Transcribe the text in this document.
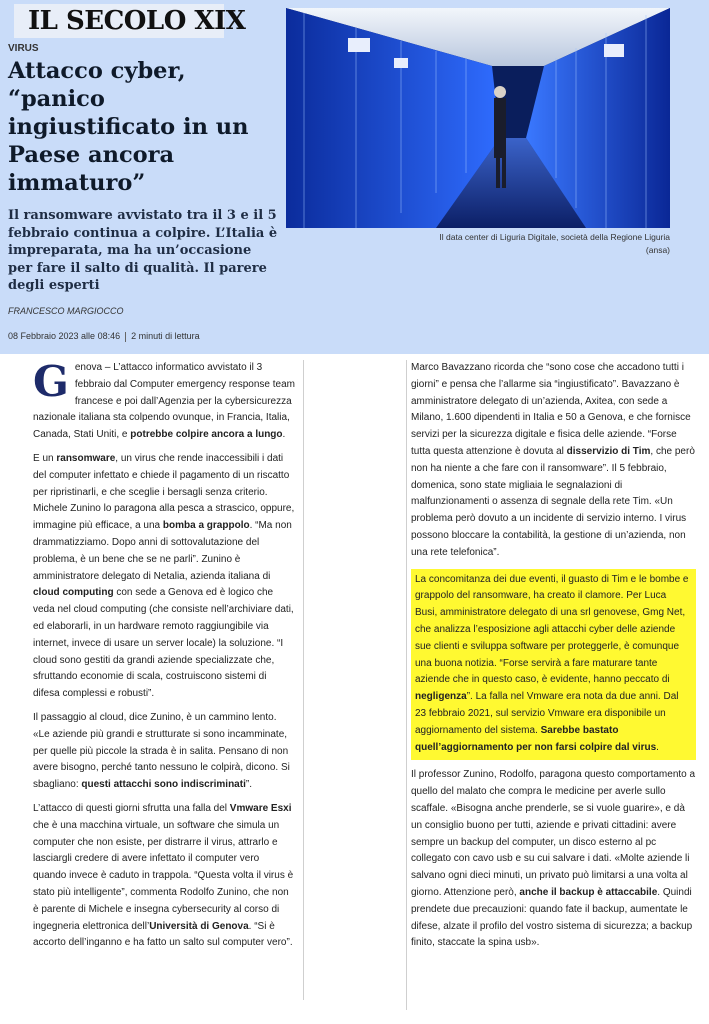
IL SECOLO XIX
VIRUS
Attacco cyber, “panico ingiustificato in un Paese ancora immaturo”

Il ransomware avvistato tra il 3 e il 5 febbraio continua a colpire. L’Italia è impreparata, ma ha un’occasione per fare il salto di qualità. Il parere degli esperti

FRANCESCO MARGIOCCO
08 Febbraio 2023 alle 08:46 2 minuti di lettura
Il data center di Liguria Digitale, società della Regione Liguria
(ansa)

Genova – L’attacco informatico avvistato il 3 febbraio dal Computer emergency response team francese e poi dall’Agenzia per la cybersicurezza nazionale italiana sta colpendo ovunque, in Francia, Italia, Canada, Stati Uniti, e potrebbe colpire ancora a lungo.

E un ransomware, un virus che rende inaccessibili i dati del computer infettato e chiede il pagamento di un riscatto per ripristinarli, e che sceglie i bersagli senza criterio. Michele Zunino lo paragona alla pesca a strascico, oppure, immagine più efficace, a una bomba a grappolo. “Ma non drammatizziamo. Dopo anni di sottovalutazione del problema, è un bene che se ne parli”. Zunino è amministratore delegato di Netalia, azienda italiana di cloud computing con sede a Genova ed è logico che veda nel cloud computing (che consiste nell’archiviare dati, ed elaborarli, in un hardware remoto raggiungibile via internet, invece di usare un server locale) la soluzione. “I cloud sono gestiti da grandi aziende specializzate che, sfruttando economie di scala, costruiscono sistemi di difesa complessi e robusti”.

Il passaggio al cloud, dice Zunino, è un cammino lento. «Le aziende più grandi e strutturate si sono incamminate, per quelle più piccole la strada è in salita. Pensano di non avere bisogno, perché tanto nessuno le colpirà, dicono. Si sbagliano: questi attacchi sono indiscriminati”.

L’attacco di questi giorni sfrutta una falla del Vmware Esxi che è una macchina virtuale, un software che simula un computer che non esiste, per distrarre il virus, attrarlo e lasciargli credere di avere infettato il computer vero quando invece è caduto in trappola. “Questa volta il virus è stato più intelligente”, commenta Rodolfo Zunino, che non è parente di Michele e insegna cybersecurity al corso di ingegneria elettronica dell’Università di Genova. “Si è accorto dell’inganno e ha fatto un salto sul computer vero”.

Marco Bavazzano ricorda che “sono cose che accadono tutti i giorni” e pensa che l’allarme sia “ingiustificato”. Bavazzano è amministratore delegato di un’azienda, Axitea, con sede a Milano, 1.600 dipendenti in Italia e 50 a Genova, e che fornisce servizi per la sicurezza digitale e fisica delle aziende. “Forse tutta questa attenzione è dovuta al disservizio di Tim, che però non ha niente a che fare con il ransomware”. Il 5 febbraio, domenica, sono state migliaia le segnalazioni di malfunzionamenti o assenza di segnale della rete Tim. «Un problema però dovuto a un incidente di servizio interno. I virus possono bloccare la contabilità, la gestione di un’azienda, non una rete telefonica”.

La concomitanza dei due eventi, il guasto di Tim e le bombe e grappolo del ransomware, ha creato il clamore. Per Luca Busi, amministratore delegato di una srl genovese, Gmg Net, che analizza l’esposizione agli attacchi cyber delle aziende sue clienti e sviluppa software per proteggerle, è comunque una buona notizia. “Forse servirà a fare maturare tante aziende che in questo caso, è evidente, hanno peccato di negligenza”. La falla nel Vmware era nota da due anni. Dal 23 febbraio 2021, sul servizio Vmware era disponibile un aggiornamento del sistema. Sarebbe bastato quell’aggiornamento per non farsi colpire dal virus.

Il professor Zunino, Rodolfo, paragona questo comportamento a quello del malato che compra le medicine per averle sullo scaffale. «Bisogna anche prenderle, se si vuole guarire», e dà un consiglio buono per tutti, aziende e privati cittadini: avere sempre un backup del computer, un disco esterno al pc collegato con cavo usb e su cui salvare i dati. «Molte aziende li salvano ogni dieci minuti, un privato può limitarsi a una volta al giorno. Attenzione però, anche il backup è attaccabile. Quindi prendete due precauzioni: quando fate il backup, aumentate le difese, alzate il profilo del vostro sistema di sicurezza; a backup finito, staccate la spina usb».
